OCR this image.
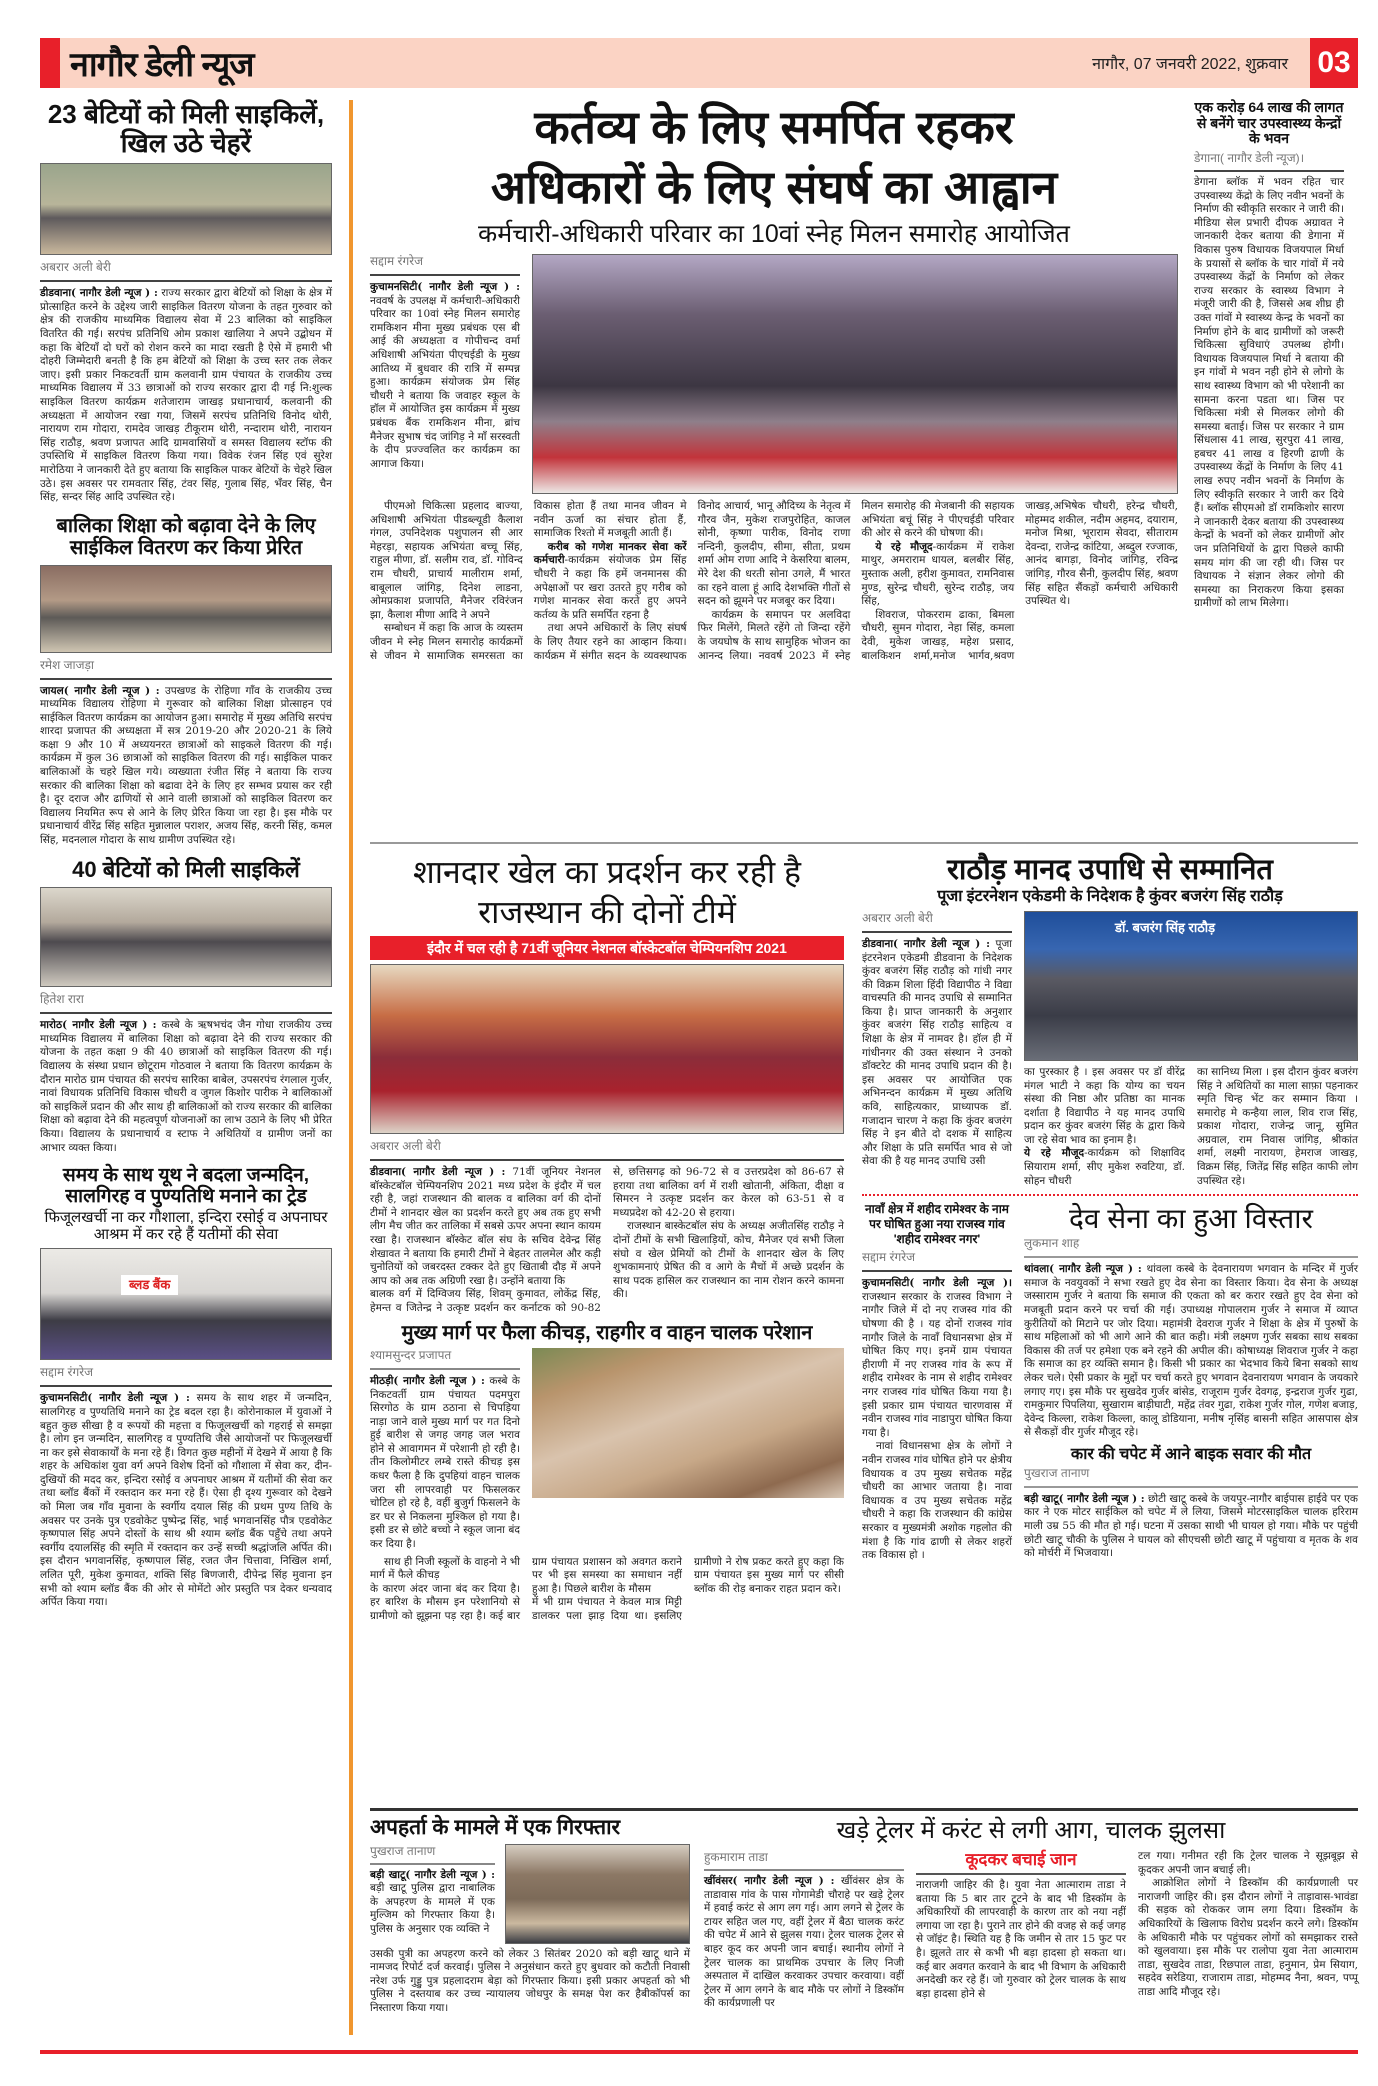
नागौर डेली न्यूज	नागौर, 07 जनवरी 2022, शुक्रवार 03
23 बेटियों को मिली साइकिलें, खिल उठे चेहरें
अबरार अली बेरी
डीडवाना( नागौर डेली न्यूज ) : राज्य सरकार द्वारा बेटियों को शिक्षा के क्षेत्र में प्रोत्साहित करने के उद्देश्य जारी साइकिल वितरण योजना के तहत गुरुवार को क्षेत्र की राजकीय माध्यमिक विद्यालय सेवा में 23 बालिका को साइकिल वितरित की गई। सरपंच प्रतिनिधि ओम प्रकाश खालिया ने अपने उद्बोधन में कहा कि बेटियाँ दो घरों को रोशन करने का मादा रखती है ऐसे में हमारी भी दोहरी जिम्मेदारी बनती है कि हम बेटियों को शिक्षा के उच्च स्तर तक लेकर जाए। इसी प्रकार निकटवर्ती ग्राम कलवानी ग्राम पंचायत के राजकीय उच्च माध्यमिक विद्यालय में 33 छात्राओं को राज्य सरकार द्वारा दी गई नि:शुल्क साइकिल वितरण कार्यक्रम शतेजाराम जाखड़ प्रधानाचार्य, कलवानी की अध्यक्षता में आयोजन रखा गया, जिसमें सरपंच प्रतिनिधि विनोद थोरी, नारायण राम गोदारा, रामदेव जाखड़ टीकूराम थोरी, नन्दाराम थोरी, नारायन सिंह राठौड़, श्रवण प्रजापत आदि ग्रामवासियों व समस्त विद्यालय स्टॉफ की उपस्तिथि में साइकिल वितरण किया गया। विवेक रंजन सिंह एवं सुरेश मारोठिया ने जानकारी देते हुए बताया कि साइकिल पाकर बेटियों के चेहरे खिल उठे। इस अवसर पर रामवतार सिंह, टंवर सिंह, गुलाब सिंह, भँवर सिंह, चैन सिंह, सन्दर सिंह आदि उपस्थित रहे।
बालिका शिक्षा को बढ़ावा देने के लिए साईकिल वितरण कर किया प्रेरित
रमेश जाजड़ा
जायल( नागौर डेली न्यूज ) : उपखण्ड के रोहिणा गाँव के राजकीय उच्च माध्यमिक विद्यालय रोहिणा मे गुरूवार को बालिका शिक्षा प्रोत्साहन एवं साईकिल वितरण कार्यक्रम का आयोजन हुआ। समारोह में मुख्य अतिथि सरपंच शारदा प्रजापत की अध्यक्षता में सत्र 2019-20 और 2020-21 के लिये कक्षा 9 और 10 में अध्ययनरत छात्राओं को साइकले वितरण की गई। कार्यक्रम में कुल 36 छात्राओं को साइकिल वितरण की गई। साईकिल पाकर बालिकाओं के चहरे खिल गये। व्यख्याता रंजीत सिंह ने बताया कि राज्य सरकार की बालिका शिक्षा को बढावा देने के लिए हर सम्भव प्रयास कर रही है। दूर दराज और ढाणियों से आने वाली छात्राओं को साइकिल वितरण कर विद्यालय नियमित रूप से आने के लिए प्रेरित किया जा रहा है। इस मौके पर प्रधानाचार्य वीरेंद्र सिंह सहित मुन्नालाल पराशर, अजय सिंह, करनी सिंह, कमल सिंह, मदनलाल गोदारा के साथ ग्रामीण उपस्थित रहे।
40 बेटियों को मिली साइकिलें
हितेश रारा
मारोठ( नागौर डेली न्यूज ) : कस्बे के ऋषभचंद जैन गोधा राजकीय उच्च माध्यमिक विद्यालय में बालिका शिक्षा को बढ़ावा देने की राज्य सरकार की योजना के तहत कक्षा 9 की 40 छात्राओं को साइकिल वितरण की गई। विद्यालय के संस्था प्रधान छोटूराम गोठवाल ने बताया कि वितरण कार्यक्रम के दौरान मारोठ ग्राम पंचायत की सरपंच सारिका बाबेल, उपसरपंच रंगलाल गुर्जर, नावां विधायक प्रतिनिधि विकास चौधरी व जुगल किशोर पारीक ने बालिकाओं को साइकिलें प्रदान की और साथ ही बालिकाओं को राज्य सरकार की बालिका शिक्षा को बढ़ावा देने की महत्वपूर्ण योजनाओं का लाभ उठाने के लिए भी प्रेरित किया। विद्यालय के प्रधानाचार्य व स्टाफ ने अथितियों व ग्रामीण जनों का आभार व्यक्त किया।
समय के साथ यूथ ने बदला जन्मदिन, सालगिरह व पुण्यतिथि मनाने का ट्रेड
फिजूलखर्ची ना कर गौशाला, इन्दिरा रसोई व अपनाघर आश्रम में कर रहे हैं यतीमों की सेवा
ब्लड बैंक
सद्दाम रंगरेज
कुचामनसिटी( नागौर डेली न्यूज ) : समय के साथ शहर में जन्मदिन, सालगिरह व पुण्यतिथि मनाने का ट्रेड बदल रहा है। कोरोनाकाल में युवाओं ने बहुत कुछ सीखा है व रूपयों की महत्ता व फिजूलखर्ची को गहराई से समझा है। लोग इन जन्मदिन, सालगिरह व पुण्यतिथि जैसे आयोजनों पर फिजूलखर्ची ना कर इसे सेवाकार्यों के मना रहे हैं। विगत कुछ महीनों में देखने में आया है कि शहर के अधिकांश युवा वर्ग अपने विशेष दिनों को गौशाला में सेवा कर, दीन-दुखियों की मदद कर, इन्दिरा रसोई व अपनाघर आश्रम में यतीमों की सेवा कर तथा ब्लॉड बैंकों में रक्तदान कर मना रहे हैं। ऐसा ही दृश्य गुरूवार को देखने को मिला जब गाँव मुवाना के स्वर्गीय दयाल सिंह की प्रथम पुण्य तिथि के अवसर पर उनके पुत्र एडवोकेट पुष्पेन्द्र सिंह, भाई भगवानसिंह पौत्र एडवोकेट कृष्णपाल सिंह अपने दोस्तों के साथ श्री श्याम ब्लॉड बैंक पहुँचे तथा अपने स्वर्गीय दयालसिंह की स्मृति में रक्तदान कर उन्हें सच्ची श्रद्धांजलि अर्पित की। इस दौरान भगवानसिंह, कृष्णपाल सिंह, रजत जैन चित्तावा, निखिल शर्मा, ललित पूरी, मुकेश कुमावत, शक्ति सिंह बिणजारी, दीपेन्द्र सिंह मुवाना इन सभी को श्याम ब्लॉड बैंक की ओर से मोमेंटो ओर प्रस्तुति पत्र देकर धन्यवाद अर्पित किया गया।
कर्तव्य के लिए समर्पित रहकर
अधिकारों के लिए संघर्ष का आह्वान
कर्मचारी-अधिकारी परिवार का 10वां स्नेह मिलन समारोह आयोजित
सद्दाम रंगरेज
कुचामनसिटी( नागौर डेली न्यूज ) : नववर्ष के उपलक्ष में कर्मचारी-अधिकारी परिवार का 10वां स्नेह मिलन समारोह रामकिशन मीना मुख्य प्रबंधक एस बी आई की अध्यक्षता व गोपीचन्द वर्मा अधिशाषी अभियंता पीएचईडी के मुख्य आतिथ्य में बुधवार की रात्रि में सम्पन्न हुआ। कार्यक्रम संयोजक प्रेम सिंह चौधरी ने बताया कि जवाहर स्कूल के हॉल में आयोजित इस कार्यक्रम में मुख्य प्रबंधक बैंक रामकिशन मीना, ब्रांच मैनेजर सुभाष चंद जांगिड़ ने माँ सरस्वती के दीप प्रज्ज्वलित कर कार्यक्रम का आगाज किया।
पीएमओ चिकित्सा प्रहलाद बाज्या, अधिशाषी अभियंता पीडब्ल्यूडी कैलाश गंगल, उपनिदेशक पशुपालन सी आर मेहरड़ा, सहायक अभियंता बच्चू सिंह, राहुल मीणा, डॉ. सलीम राव, डॉ. गोविन्द राम चौधरी, प्राचार्य मालीराम शर्मा, बाबूलाल जांगिड़, दिनेश लाडना, ओमप्रकाश प्रजापति, मैनेजर रविरंजन झा, कैलाश मीणा आदि ने अपने
सम्बोधन में कहा कि आज के व्यस्तम जीवन मे स्नेह मिलन समारोह कार्यक्रमों से जीवन मे सामाजिक समरसता का विकास होता हैं तथा मानव जीवन मे नवीन ऊर्जा का संचार होता हैं, सामाजिक रिश्तो में मजबूती आती हैं।
करीब को गणेश मानकर सेवा करें कर्मचारी-कार्यक्रम संयोजक प्रेम सिंह चौधरी ने कहा कि हमें जनमानस की अपेक्षाओं पर खरा उतरते हुए गरीब को गणेश मानकर सेवा करते हुए अपने कर्तव्य के प्रति समर्पित रहना है
तथा अपने अधिकारों के लिए संघर्ष के लिए तैयार रहने का आव्हान किया। कार्यक्रम में संगीत सदन के व्यवस्थापक विनोद आचार्य, भानू औदिच्य के नेतृत्व में गौरव जैन, मुकेश राजपुरोहित, काजल सोनी, कृष्णा पारीक, विनोद राणा नन्दिनी, कुलदीप, सीमा, सीता, प्रथम शर्मा ओम राणा आदि ने केसरिया बालम, मेरे देश की धरती सोना उगले, मैं भारत का रहने वाला हूं आदि देशभक्ति गीतों से सदन को झूमने पर मजबूर कर दिया।
कार्यक्रम के समापन पर अलविदा फिर मिलेंगे, मिलते रहेंगे तो जिन्दा रहेंगे के जयघोष के साथ सामुहिक भोजन का आनन्द लिया। नववर्ष 2023 में स्नेह मिलन समारोह की मेजबानी की सहायक अभियंता बचूं सिंह ने पीएचईडी परिवार की ओर से करने की घोषणा की।
ये रहे मौजूद-कार्यक्रम में राकेश माथुर, अमराराम धायल, बलबीर सिंह, मुस्ताक अली, हरीश कुमावत, रामनिवास मुण्ड, सुरेन्द्र चौधरी, सुरेन्द राठौड़, जय सिंह,
शिवराज, पोकरराम ढाका, बिमला चौधरी, सुमन गोदारा, नेहा सिंह, कमला देवी, मुकेश जाखड़, महेश प्रसाद, बालकिशन शर्मा,मनोज भार्गव,श्रवण जाखड़,अभिषेक चौधरी, हरेन्द्र चौधरी, मोहम्मद शकील, नदीम अहमद, दयाराम, मनोज मिश्रा, भूराराम सेवदा, सीताराम देवन्दा, राजेन्द्र कांटिया, अब्दुल रज्जाक, आनंद बागड़ा, विनोद जांगिड़, रविन्द्र जांगिड़, गौरव सैनी, कुलदीप सिंह, श्रवण सिंह सहित सैंकड़ों कर्मचारी अधिकारी उपस्थित थे।
एक करोड़ 64 लाख की लागत से बनेंगे चार उपस्वास्थ्य केन्द्रों के भवन
डेगाना( नागौर डेली न्यूज)।
डेगाना ब्लॉक में भवन रहित चार उपस्वास्थ्य केंद्रो के लिए नवीन भवनों के निर्माण की स्वीकृति सरकार ने जारी की। मीडिया सेल प्रभारी दीपक अग्रावत ने जानकारी देकर बताया की डेगाना में विकास पुरुष विधायक विजयपाल मिर्धा के प्रयासों से ब्लॉक के चार गांवों में नये उपस्वास्थ्य केंद्रों के निर्माण को लेकर राज्य सरकार के स्वास्थ्य विभाग ने मंजूरी जारी की है, जिससे अब शीघ्र ही उक्त गांवों मे स्वास्थ्य केन्द्र के भवनों का निर्माण होने के बाद ग्रामीणों को जरूरी चिकित्सा सुविधाएं उपलब्ध होगी। विधायक विजयपाल मिर्धा ने बताया की इन गांवों मे भवन नही होने से लोगो के साथ स्वास्थ्य विभाग को भी परेशानी का सामना करना पडता था। जिस पर चिकित्सा मंत्री से मिलकर लोगो की समस्या बताई। जिस पर सरकार ने ग्राम सिंधलास 41 लाख, सुरपुरा 41 लाख, हबचर 41 लाख व हिरणी ढाणी के उपस्वास्थ्य केंद्रों के निर्माण के लिए 41 लाख रुपए नवीन भवनों के निर्माण के लिए स्वीकृति सरकार ने जारी कर दिये हैं। ब्लॉक सीएमओ डॉ रामकिशोर सारण ने जानकारी देकर बताया की उपस्वास्थ्य केन्द्रों के भवनों को लेकर ग्रामीणों ओर जन प्रतिनिधियों के द्वारा पिछले काफी समय मांग की जा रही थी। जिस पर विधायक ने संज्ञान लेकर लोगो की समस्या का निराकरण किया इसका ग्रामीणों को लाभ मिलेगा।
शानदार खेल का प्रदर्शन कर रही है राजस्थान की दोनों टीमें
इंदौर में चल रही है 71वीं जूनियर नेशनल बॉस्केटबॉल चेम्पियनशिप 2021
अबरार अली बेरी
डीडवाना( नागौर डेली न्यूज ) : 71वीं जूनियर नेशनल बॉस्केटबॉल चेम्पियनशिप 2021 मध्य प्रदेश के इंदौर में चल रही है, जहां राजस्थान की बालक व बालिका वर्ग की दोनों टीमों ने शानदार खेल का प्रदर्शन करते हुए अब तक हुए सभी लीग मैच जीत कर तालिका में सबसे ऊपर अपना स्थान कायम रखा है। राजस्थान बॉस्केट बॉल संघ के सचिव देवेन्द्र सिंह शेखावत ने बताया कि हमारी टीमों ने बेहतर तालमेल और कड़ी चुनोतियों को जबरदस्त टक्कर देते हुए खिताबी दौड़ में अपने आप को अब तक अग्रिणी रखा है। उन्होंने बताया कि
बालक वर्ग में दिग्विजय सिंह, शिवम् कुमावत, लोकेंद्र सिंह, हेमन्त व जितेन्द्र ने उत्कृष्ट प्रदर्शन कर कर्नाटक को 90-82 से, छत्तिसगढ़ को 96-72 से व उत्तरप्रदेश को 86-67 से हराया तथा बालिका वर्ग में राशी खोतानी, अंकिता, दीक्षा व सिमरन ने उत्कृष्ट प्रदर्शन कर केरल को 63-51 से व मध्यप्रदेश को 42-20 से हराया।
राजस्थान बास्केटबॉल संघ के अध्यक्ष अजीतसिंह राठौड़ ने दोनों टीमों के सभी खिलाड़ियों, कोच, मैनेजर एवं सभी जिला संघो व खेल प्रेमियों को टीमों के शानदार खेल के लिए शुभकामनाएं प्रेषित की व आगे के मैचों में अच्छे प्रदर्शन के साथ पदक हासिल कर राजस्थान का नाम रोशन करने कामना की।
मुख्य मार्ग पर फैला कीचड़, राहगीर व वाहन चालक परेशान
श्यामसुन्दर प्रजापत
मीठड़ी( नागौर डेली न्यूज ) : कस्बे के निकटवर्ती ग्राम पंचायत पदमपुरा सिरगोठ के ग्राम ठठाना से चिपड़िया नाड़ा जाने वाले मुख्य मार्ग पर गत दिनो हुई बारीश से जगह जगह जल भराव होने से आवागमन में परेशानी हो रही है। तीन किलोमीटर लम्बे रास्ते कीचड़ इस कधर फैला है कि दुपहियां वाहन चालक जरा सी लापरवाही पर फिसलकर चोटिल हो रहे है, वहीं बुजुर्ग फिसलने के डर घर से निकलना मुश्किल हो गया है। इसी डर से छोटे बच्चो ने स्कूल जाना बंद कर दिया है।
साथ ही निजी स्कूलों के वाहनो ने भी मार्ग में फैले कीचड़
के कारण अंदर जाना बंद कर दिया है। हर बारिश के मौसम इन परेशानियो से ग्रामीणो को झूझना पड़ रहा है। कई बार ग्राम पंचायत प्रशासन को अवगत कराने पर भी इस समस्या का समाधान नहीं हुआ है। पिछले बारीश के मौसम
में भी ग्राम पंचायत ने केवल मात्र मिट्टी डालकर पला झाड़ दिया था। इसलिए ग्रामीणो ने रोष प्रकट करते हुए कहा कि ग्राम पंचायत इस मुख्य मार्ग पर सीसी ब्लॉक की रोड़ बनाकर राहत प्रदान करे।
राठौड़ मानद उपाधि से सम्मानित
पूजा इंटरनेशन एकेडमी के निदेशक है कुंवर बजरंग सिंह राठौड़
अबरार अली बेरी
डीडवाना( नागौर डेली न्यूज ) : पूजा इंटरनेशन एकेडमी डीडवाना के निदेशक कुंवर बजरंग सिंह राठौड़ को गांधी नगर की विक्रम शिला हिंदी विद्यापीठ ने विद्या वाचस्पति की मानद उपाधि से सम्मानित किया है। प्राप्त जानकारी के अनुशार कुंवर बजरंग सिंह राठौड़ साहित्य व शिक्षा के क्षेत्र में नामवर है। हॉल ही में गांधीनगर की उक्त संस्थान ने उनको डॉक्टरेट की मानद उपाधि प्रदान की है। इस अवसर पर आयोजित एक अभिनन्दन कार्यक्रम में मुख्य अतिथि कवि, साहित्यकार, प्राध्यापक डॉ. गजादान चारण ने कहा कि कुंवर बजरंग सिंह ने इन बीते दो दशक में साहित्य और शिक्षा के प्रति समर्पित भाव से जो सेवा की है यह मानद उपाधि उसी
डॉ. बजरंग सिंह राठौड़
का पुरस्कार है । इस अवसर पर डॉ वीरेंद्र मंगल भाटी ने कहा कि योग्य का चयन संस्था की निष्ठा और प्रतिष्ठा का मानक दर्शाता है विद्यापीठ ने यह मानद उपाधि प्रदान कर कुंवर बजरंग सिंह के द्वारा किये जा रहे सेवा भाव का इनाम है।
ये रहे मौजूद-कार्यक्रम को शिक्षाविद सियाराम शर्मा, सीए मुकेश रुवटिया, डॉ. सोहन चौधरी
का सानिध्य मिला । इस दौरान कुंवर बजरंग सिंह ने अथितियों का माला साफ़ा पहनाकर स्मृति चिन्ह भेंट कर सम्मान किया । समारोह मे कन्हैया लाल, शिव राज सिंह, प्रकाश गोदारा, राजेन्द्र जानू, सुमित अग्रवाल, राम निवास जांगिड़, श्रीकांत शर्मा, लक्ष्मी नारायण, हेमराज जाखड़, विक्रम सिंह, जितेंद्र सिंह सहित काफी लोग उपस्थित रहे।
नावाँ क्षेत्र में शहीद रामेश्वर के नाम पर घोषित हुआ नया राजस्व गांव 'शहीद रामेश्वर नगर'
सद्दाम रंगरेज
कुचामनसिटी( नागौर डेली न्यूज )। राजस्थान सरकार के राजस्व विभाग ने नागौर जिले में दो नए राजस्व गांव की घोषणा की है । यह दोनों राजस्व गांव नागौर जिले के नावाँ विधानसभा क्षेत्र में घोषित किए गए। इनमें ग्राम पंचायत हीराणी में नए राजस्व गांव के रूप में शहीद रामेश्वर के नाम से शहीद रामेश्वर नगर राजस्व गांव घोषित किया गया है। इसी प्रकार ग्राम पंचायत चारणवास में नवीन राजस्व गांव नाडापुरा घोषित किया गया है।
नावां विधानसभा क्षेत्र के लोगों ने नवीन राजस्व गांव घोषित होने पर क्षेत्रीय विधायक व उप मुख्य सचेतक महेंद्र चौधरी का आभार जताया है। नावा विधायक व उप मुख्य सचेतक महेंद्र चौधरी ने कहा कि राजस्थान की कांग्रेस सरकार व मुख्यमंत्री अशोक गहलोत की मंशा है कि गांव ढाणी से लेकर शहरों तक विकास हो ।
देव सेना का हुआ विस्तार
लुकमान शाह
थांवला( नागौर डेली न्यूज ) : थांवला कस्बे के देवनारायण भगवान के मन्दिर में गुर्जर समाज के नवयुवकों ने सभा रखते हुए देव सेना का विस्तार किया। देव सेना के अध्यक्ष जस्साराम गुर्जर ने बताया कि समाज की एकता को बर करार रखते हुए देव सेना को मजबूती प्रदान करने पर चर्चा की गई। उपाध्यक्ष गोपालराम गुर्जर ने समाज में व्याप्त कुरीतियों को मिटाने पर जोर दिया। महामंत्री देवराज गुर्जर ने शिक्षा के क्षेत्र में पुरुषों के साथ महिलाओं को भी आगे आने की बात कही। मंत्री लक्ष्मण गुर्जर सबका साथ सबका विकास की तर्ज पर हमेशा एक बने रहने की अपील की। कोषाध्यक्ष शिवराज गुर्जर ने कहा कि समाज का हर व्यक्ति समान है। किसी भी प्रकार का भेदभाव किये बिना सबको साथ लेकर चले। ऐसी प्रकार के मुद्दों पर चर्चा करते हुए भगवान देवनारायण भगवान के जयकारे लगाए गए। इस मौके पर सुखदेव गुर्जर बांसेड, राजूराम गुर्जर देवगढ़, इन्द्रराज गुर्जर गुढा, रामकुमार पिपलिया, सुखाराम बाड़ीघाटी, महेंद्र तंवर गुढा, राकेश गुर्जर गोल, गणेश बजाड़, देवेन्द किल्ला, राकेश किल्ला, कालू डोडियाना, मनीष नृसिंह बासनी सहित आसपास क्षेत्र से सैकड़ों वीर गुर्जर मौजूद रहे।
कार की चपेट में आने बाइक सवार की मौत
पुखराज तानाण
बड़ी खाटू( नागौर डेली न्यूज ) : छोटी खाटू कस्बे के जयपुर-नागौर बाईपास हाईवे पर एक कार ने एक मोटर साईकिल को चपेट में ले लिया, जिसमे मोटरसाइकिल चालक हरिराम माली उम्र 55 की मौत हो गई। घटना में उसका साथी भी घायल हो गया। मौके पर पहुंची छोटी खाटू चौकी के पुलिस ने घायल को सीएचसी छोटी खाटू में पहुंचाया व मृतक के शव को मोर्चरी में भिजवाया।
अपहर्ता के मामले में एक गिरफ्तार
पुखराज तानाण
बड़ी खाटू( नागौर डेली न्यूज ) : बड़ी खाटू पुलिस द्वारा नाबालिक के अपहरण के मामले में एक मुल्जिम को गिरफ्तार किया है। पुलिस के अनुसार एक व्यक्ति ने
उसकी पुत्री का अपहरण करने को लेकर 3 सितंबर 2020 को बड़ी खाटू थाने में नामजद रिपोर्ट दर्ज करवाई। पुलिस ने अनुसंधान करते हुए बुधवार को कटौती निवासी नरेश उर्फ गुड्डु पुत्र प्रहलादराम बेड़ा को गिरफ्तार किया। इसी प्रकार अपहर्ता को भी पुलिस ने दस्तयाब कर उच्च न्यायालय जोधपुर के समक्ष पेश कर हैबीकॉपर्स का निस्तारण किया गया।
खड़े ट्रेलर में करंट से लगी आग, चालक झुलसा
हुकमाराम ताडा
खींवंसर( नागौर डेली न्यूज ) : खींवंसर क्षेत्र के ताडावास गांव के पास गोगामेडी चौराहे पर खड़े ट्रेलर में हवाई करंट से आग लग गई। आग लगने से ट्रेलर के टायर सहित जल गए, वहीं ट्रेलर में बैठा चालक करंट की चपेट में आने से झुलस गया। ट्रेलर चालक ट्रेलर से बाहर कूद कर अपनी जान बचाई। स्थानीय लोगों ने ट्रेलर चालक का प्राथमिक उपचार के लिए निजी अस्पताल में दाखिल करवाकर उपचार करवाया। वहीं ट्रेलर में आग लगने के बाद मौके पर लोगों ने डिस्कॉम की कार्यप्रणाली पर
कूदकर बचाई जान
नाराजगी जाहिर की है। युवा नेता आत्माराम ताडा ने बताया कि 5 बार तार टूटने के बाद भी डिस्कॉम के अधिकारियों की लापरवाही के कारण तार को नया नहीं लगाया जा रहा है। पुराने तार होने की वजह से कई जगह से जॉइंट है। स्थिति यह है कि जमीन से तार 15 फुट पर है। झूलते तार से कभी भी बड़ा हादसा हो सकता था। कई बार अवगत करवाने के बाद भी विभाग के अधिकारी अनदेखी कर रहे हैं। जो गुरुवार को ट्रेलर चालक के साथ बड़ा हादसा होने से
टल गया। गनीमत रही कि ट्रेलर चालक ने सूझबूझ से कूदकर अपनी जान बचाई ली।
आक्रोशित लोगों ने डिस्कॉम की कार्यप्रणाली पर नाराजगी जाहिर की। इस दौरान लोगों ने ताड़ावास-भावंडा की सड़क को रोककर जाम लगा दिया। डिस्कॉम के अधिकारियों के खिलाफ विरोध प्रदर्शन करने लगे। डिस्कॉम के अधिकारी मौके पर पहुंचकर लोगों को समझाकर रास्ते को खुलवाया। इस मौके पर रालोपा युवा नेता आत्माराम ताडा, सुखदेव ताडा, रिछपाल ताडा, हनुमान, प्रेम सियाग, सहदेव सरेडिया, राजाराम ताडा, मोहम्मद नैना, श्रवन, पप्पू ताडा आदि मौजूद रहे।
